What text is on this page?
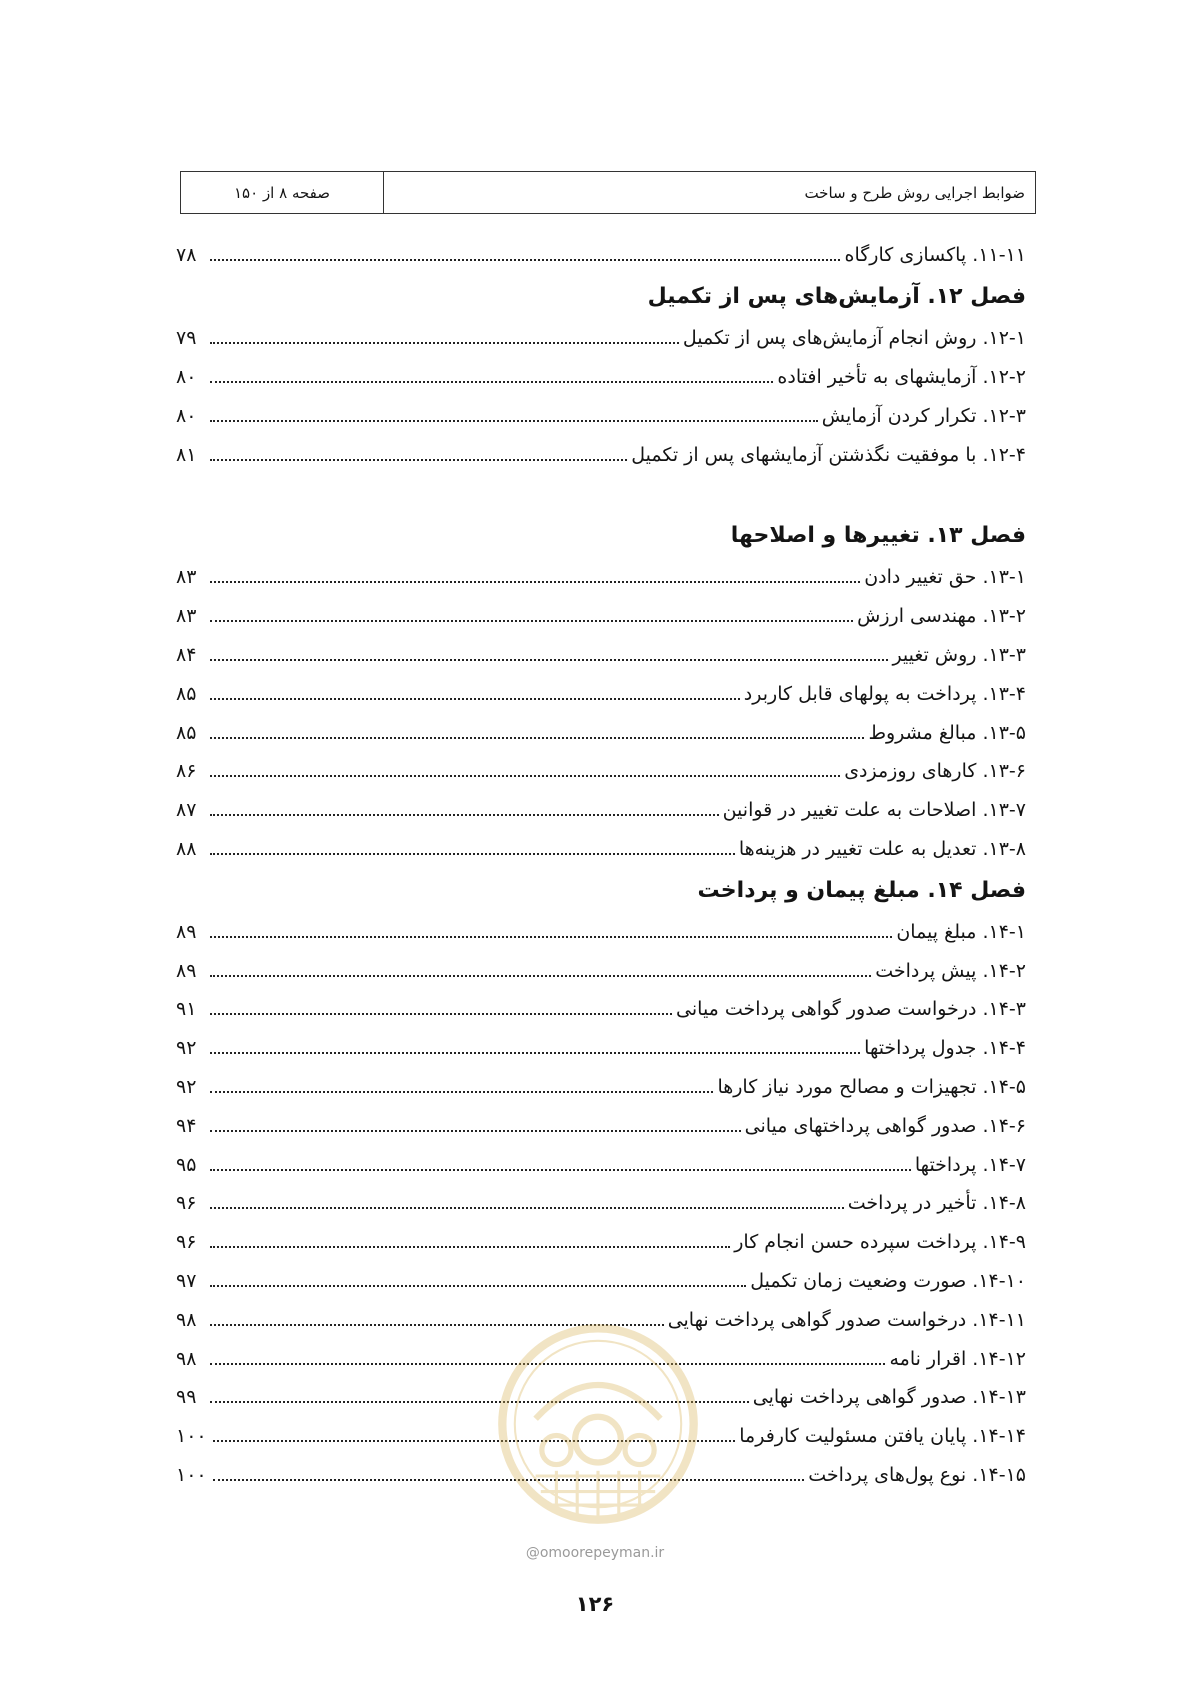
ضوابط اجرایی روش طرح و ساخت
صفحه ۸ از ۱۵۰
۱۱-۱۱. پاکسازی کارگاه
۷۸
فصل ۱۲. آزمایش‌های پس از تکمیل
۱۲-۱. روش انجام آزمایش‌های پس از تکمیل
۷۹
۱۲-۲. آزمایشهای به تأخیر افتاده
۸۰
۱۲-۳. تکرار کردن آزمایش
۸۰
۱۲-۴. با موفقیت نگذشتن آزمایشهای پس از تکمیل
۸۱
فصل ۱۳. تغییرها و اصلاحها
۱۳-۱. حق تغییر دادن
۸۳
۱۳-۲. مهندسی ارزش
۸۳
۱۳-۳. روش تغییر
۸۴
۱۳-۴. پرداخت به پولهای قابل کاربرد
۸۵
۱۳-۵. مبالغ مشروط
۸۵
۱۳-۶. کارهای روزمزدی
۸۶
۱۳-۷. اصلاحات به علت تغییر در قوانین
۸۷
۱۳-۸. تعدیل به علت تغییر در هزینه‌ها
۸۸
فصل ۱۴. مبلغ پیمان و پرداخت
۱۴-۱. مبلغ پیمان
۸۹
۱۴-۲. پیش پرداخت
۸۹
۱۴-۳. درخواست صدور گواهی پرداخت میانی
۹۱
۱۴-۴. جدول پرداختها
۹۲
۱۴-۵. تجهیزات و مصالح مورد نیاز کارها
۹۲
۱۴-۶. صدور گواهی پرداختهای میانی
۹۴
۱۴-۷. پرداختها
۹۵
۱۴-۸. تأخیر در پرداخت
۹۶
۱۴-۹. پرداخت سپرده حسن انجام کار
۹۶
۱۴-۱۰. صورت وضعیت زمان تکمیل
۹۷
۱۴-۱۱. درخواست صدور گواهی پرداخت نهایی
۹۸
۱۴-۱۲. اقرار نامه
۹۸
۱۴-۱۳. صدور گواهی پرداخت نهایی
۹۹
۱۴-۱۴. پایان یافتن مسئولیت کارفرما
۱۰۰
۱۴-۱۵. نوع پول‌های پرداخت
۱۰۰
@omoorepeyman.ir
۱۲۶
